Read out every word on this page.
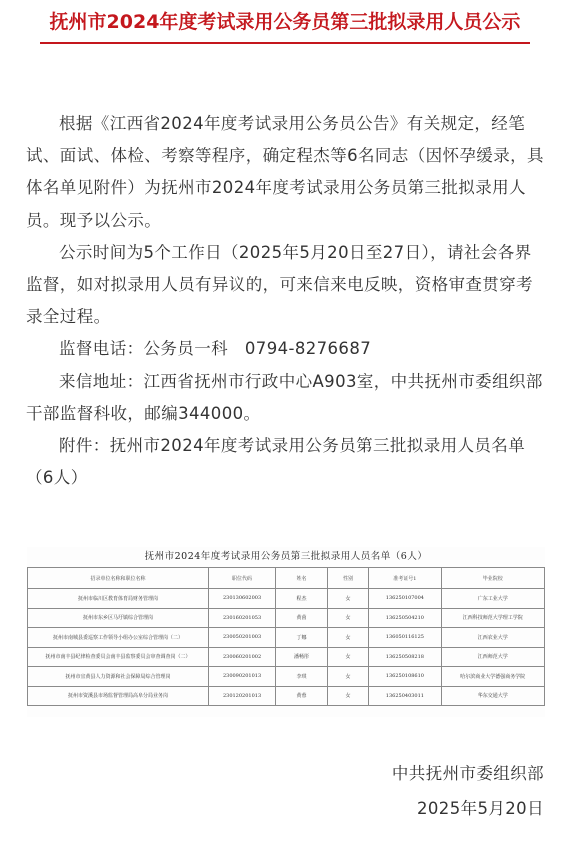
抚州市2024年度考试录用公务员第三批拟录用人员公示

根据《江西省2024年度考试录用公务员公告》有关规定，经笔试、面试、体检、考察等程序，确定程杰等6名同志（因怀孕缓录，具体名单见附件）为抚州市2024年度考试录用公务员第三批拟录用人员。现予以公示。

公示时间为5个工作日（2025年5月20日至27日），请社会各界监督，如对拟录用人员有异议的，可来信来电反映，资格审查贯穿考录全过程。

监督电话：公务员一科　0794-8276687

来信地址：江西省抚州市行政中心A903室，中共抚州市委组织部干部监督科收，邮编344000。

附件：抚州市2024年度考试录用公务员第三批拟录用人员名单（6人）

抚州市2024年度考试录用公务员第三批拟录用人员名单（6人）
招录单位名称和职位名称	职位代码	姓名	性别	准考证号1	毕业院校
抚州市临川区教育体育局财务管理岗	230130602003	程杰	女	136250107004	广东工业大学
抚州市东乡区马圩镇综合管理岗	230160201053	黄茵	女	136250504210	江西科技师范大学理工学院
抚州市南城县委巡察工作领导小组办公室综合管理岗（二）	230050201003	丁娜	女	136050116125	江西农业大学
抚州市南丰县纪律检查委员会南丰县监察委员会审查调查岗（二）	230060201002	潘畅彤	女	136250508218	江西师范大学
抚州市宜黄县人力资源和社会保障局综合管理岗	230090201013	李琪	女	136250108610	哈尔滨商业大学德强商务学院
抚州市资溪县市场监督管理局高阜分局业务岗	230120201013	黄蓉	女	136250403011	华东交通大学
中共抚州市委组织部
2025年5月20日
